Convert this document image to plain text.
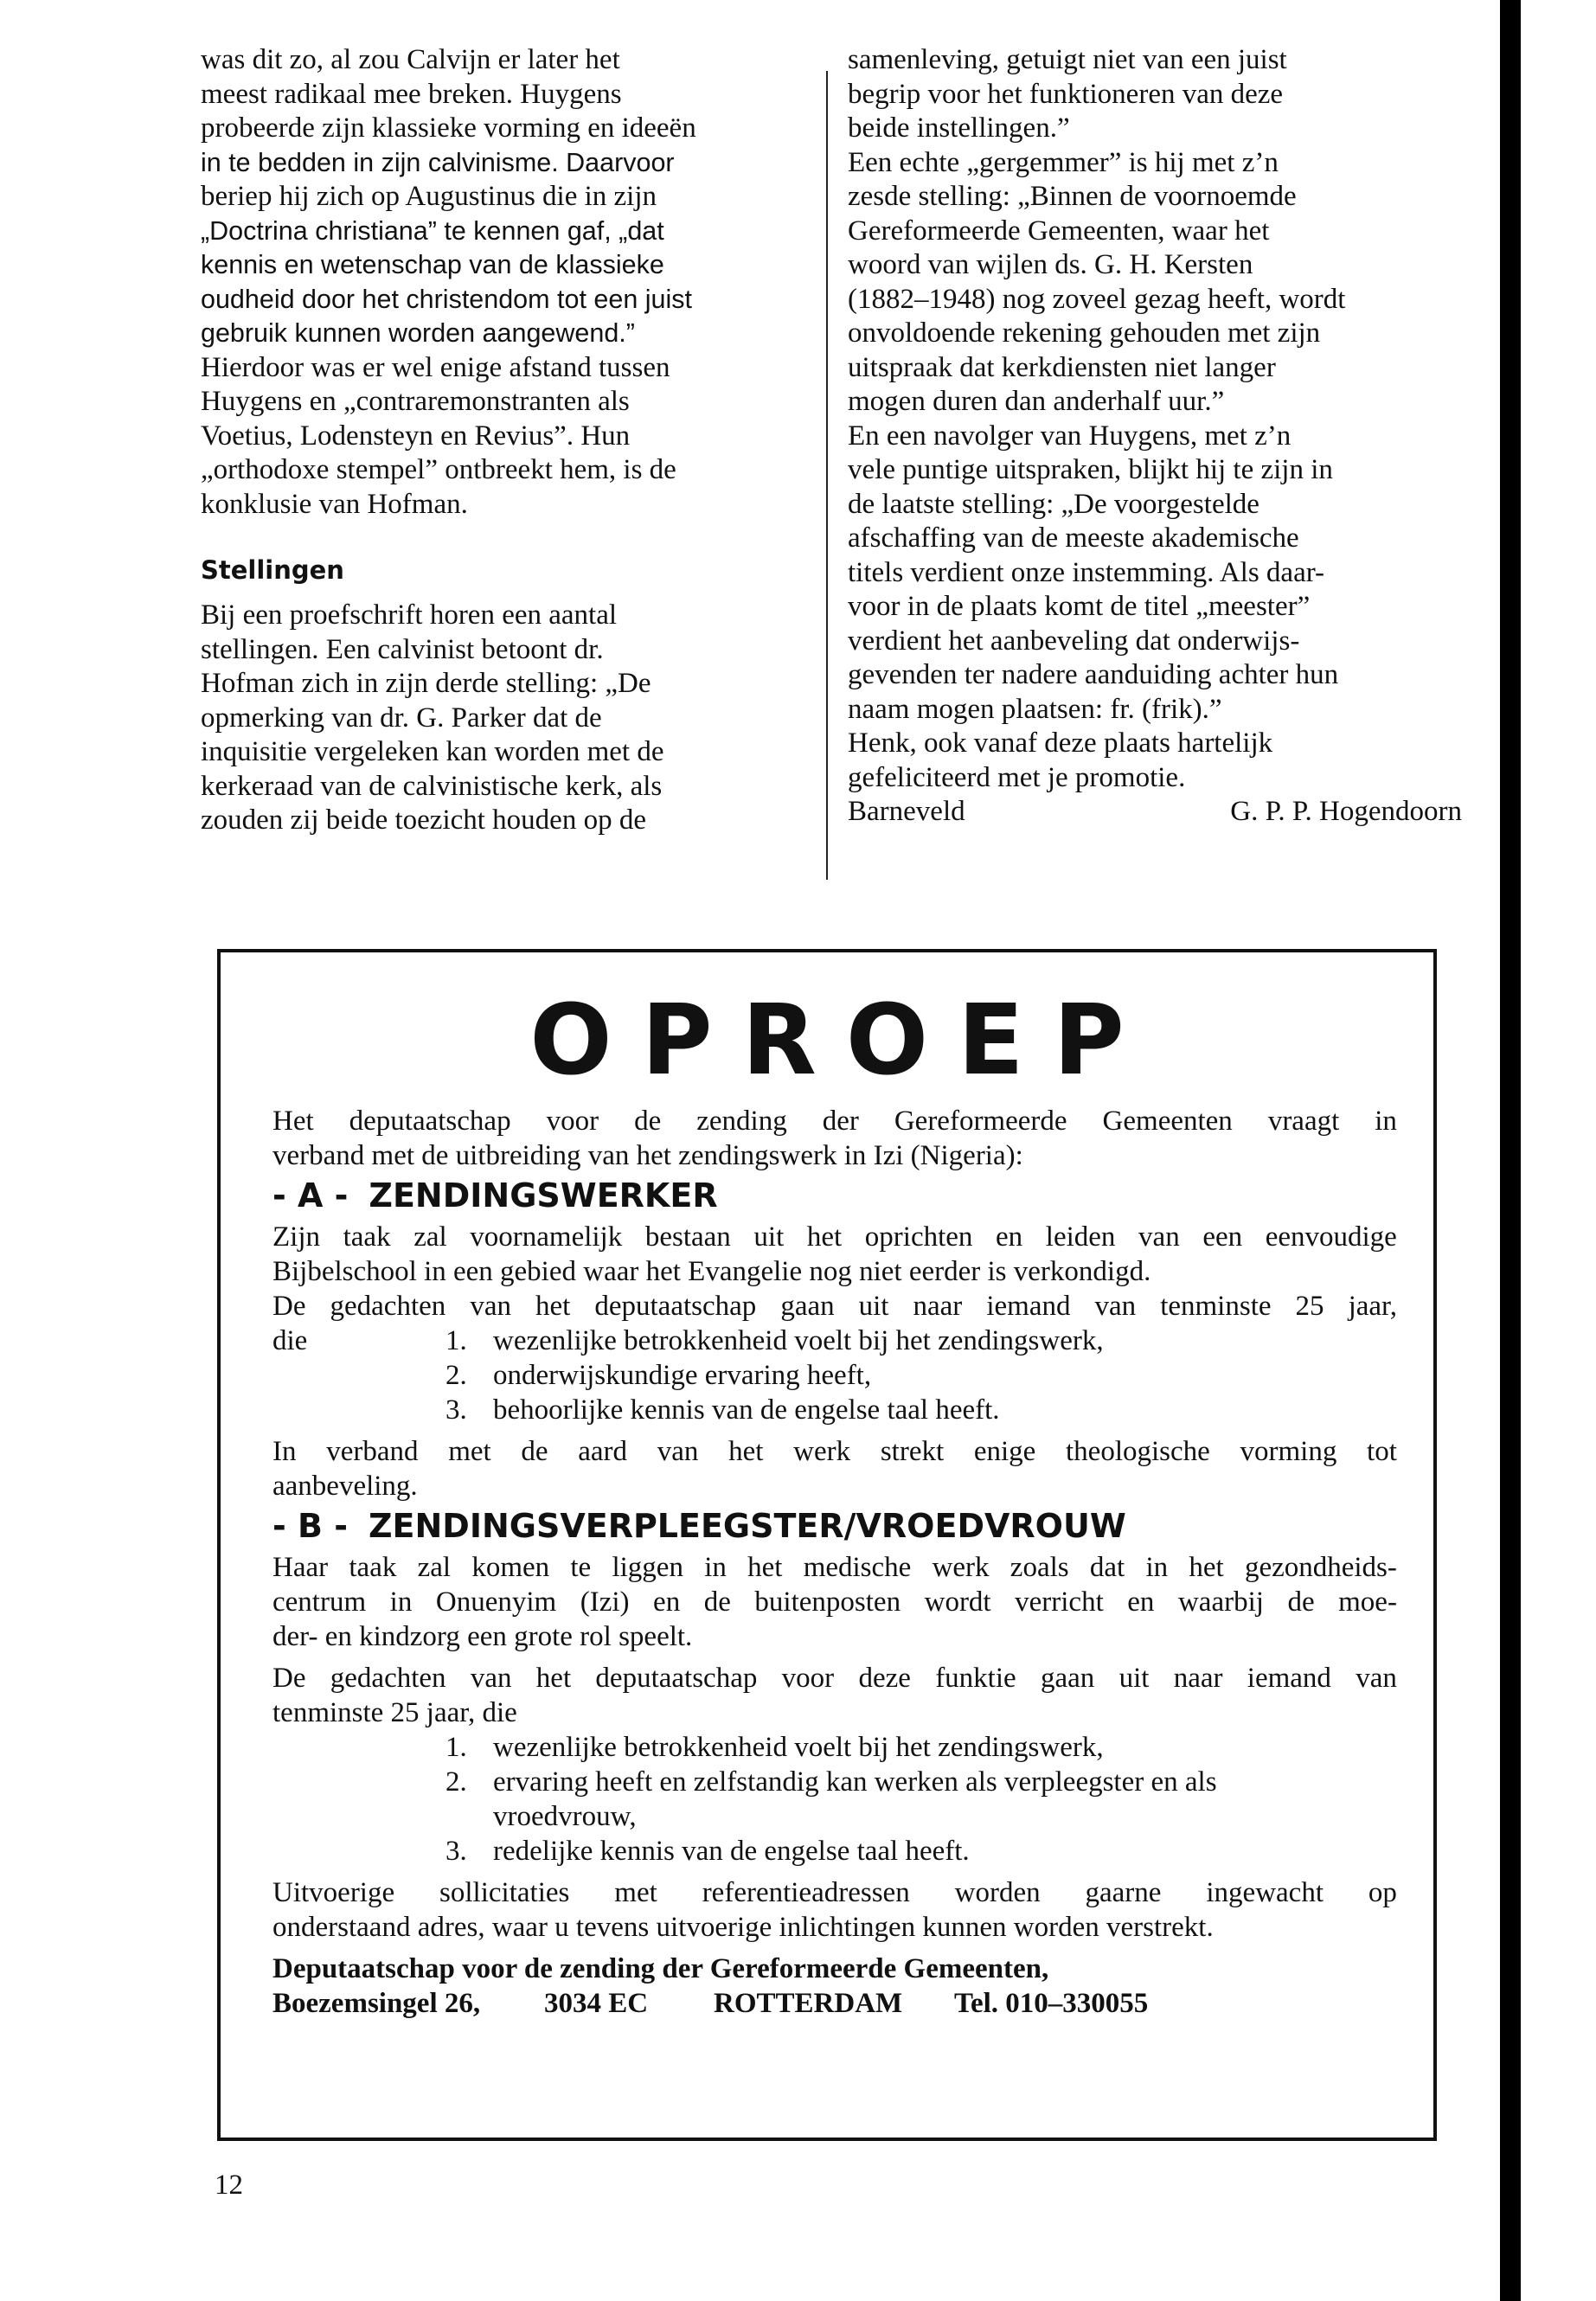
was dit zo, al zou Calvijn er later het
meest radikaal mee breken. Huygens
probeerde zijn klassieke vorming en ideeën
in te bedden in zijn calvinisme. Daarvoor
beriep hij zich op Augustinus die in zijn
„Doctrina christiana” te kennen gaf, „dat
kennis en wetenschap van de klassieke
oudheid door het christendom tot een juist
gebruik kunnen worden aangewend.”
Hierdoor was er wel enige afstand tussen
Huygens en „contraremonstranten als
Voetius, Lodensteyn en Revius”. Hun
„orthodoxe stempel” ontbreekt hem, is de
konklusie van Hofman.
Stellingen
Bij een proefschrift horen een aantal
stellingen. Een calvinist betoont dr.
Hofman zich in zijn derde stelling: „De
opmerking van dr. G. Parker dat de
inquisitie vergeleken kan worden met de
kerkeraad van de calvinistische kerk, als
zouden zij beide toezicht houden op de
samenleving, getuigt niet van een juist
begrip voor het funktioneren van deze
beide instellingen.”
Een echte „gergemmer” is hij met z’n
zesde stelling: „Binnen de voornoemde
Gereformeerde Gemeenten, waar het
woord van wijlen ds. G. H. Kersten
(1882–1948) nog zoveel gezag heeft, wordt
onvoldoende rekening gehouden met zijn
uitspraak dat kerkdiensten niet langer
mogen duren dan anderhalf uur.”
En een navolger van Huygens, met z’n
vele puntige uitspraken, blijkt hij te zijn in
de laatste stelling: „De voorgestelde
afschaffing van de meeste akademische
titels verdient onze instemming. Als daar-
voor in de plaats komt de titel „meester”
verdient het aanbeveling dat onderwijs-
gevenden ter nadere aanduiding achter hun
naam mogen plaatsen: fr. (frik).”
Henk, ook vanaf deze plaats hartelijk
gefeliciteerd met je promotie.
Barneveld	G. P. P. Hogendoorn
OPROEP
Het deputaatschap voor de zending der Gereformeerde Gemeenten vraagt in
verband met de uitbreiding van het zendingswerk in Izi (Nigeria):
- A - ZENDINGSWERKER
Zijn taak zal voornamelijk bestaan uit het oprichten en leiden van een eenvoudige
Bijbelschool in een gebied waar het Evangelie nog niet eerder is verkondigd.
De gedachten van het deputaatschap gaan uit naar iemand van tenminste 25 jaar,
die	1. wezenlijke betrokkenheid voelt bij het zendingswerk,
2. onderwijskundige ervaring heeft,
3. behoorlijke kennis van de engelse taal heeft.
In verband met de aard van het werk strekt enige theologische vorming tot
aanbeveling.
- B - ZENDINGSVERPLEEGSTER/VROEDVROUW
Haar taak zal komen te liggen in het medische werk zoals dat in het gezondheids-
centrum in Onuenyim (Izi) en de buitenposten wordt verricht en waarbij de moe-
der- en kindzorg een grote rol speelt.
De gedachten van het deputaatschap voor deze funktie gaan uit naar iemand van
tenminste 25 jaar, die
1. wezenlijke betrokkenheid voelt bij het zendingswerk,
2. ervaring heeft en zelfstandig kan werken als verpleegster en als
vroedvrouw,
3. redelijke kennis van de engelse taal heeft.
Uitvoerige sollicitaties met referentieadressen worden gaarne ingewacht op
onderstaand adres, waar u tevens uitvoerige inlichtingen kunnen worden verstrekt.
Deputaatschap voor de zending der Gereformeerde Gemeenten,
Boezemsingel 26,	3034 EC	ROTTERDAM	Tel. 010–330055
12
